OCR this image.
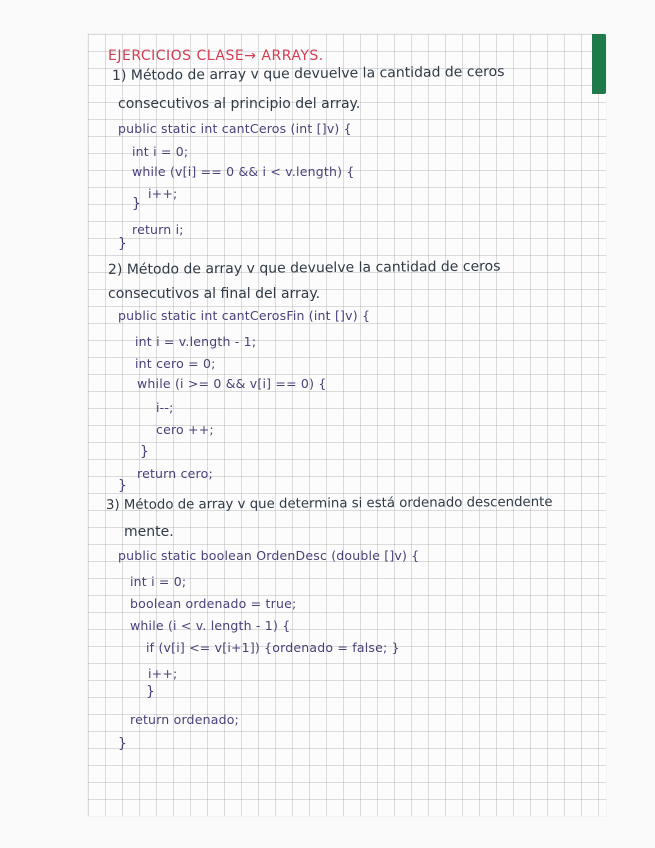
EJERCICIOS CLASE→ ARRAYS.
1) Método de array v que devuelve la cantidad de ceros
consecutivos al principio del array.
public static int cantCeros (int []v) {
int i = 0;
while (v[i] == 0 && i < v.length) {
i++;
}
return i;
}
2) Método de array v que devuelve la cantidad de ceros
consecutivos al final del array.
public static int cantCerosFin (int []v) {
int i = v.length - 1;
int cero = 0;
while (i >= 0 && v[i] == 0) {
i--;
cero ++;
}
return cero;
}
3) Método de array v que determina si está ordenado descendente
mente.
public static boolean OrdenDesc (double []v) {
int i = 0;
boolean ordenado = true;
while (i < v. length - 1) {
if (v[i] <= v[i+1]) {ordenado = false; }
i++;
}
return ordenado;
}
